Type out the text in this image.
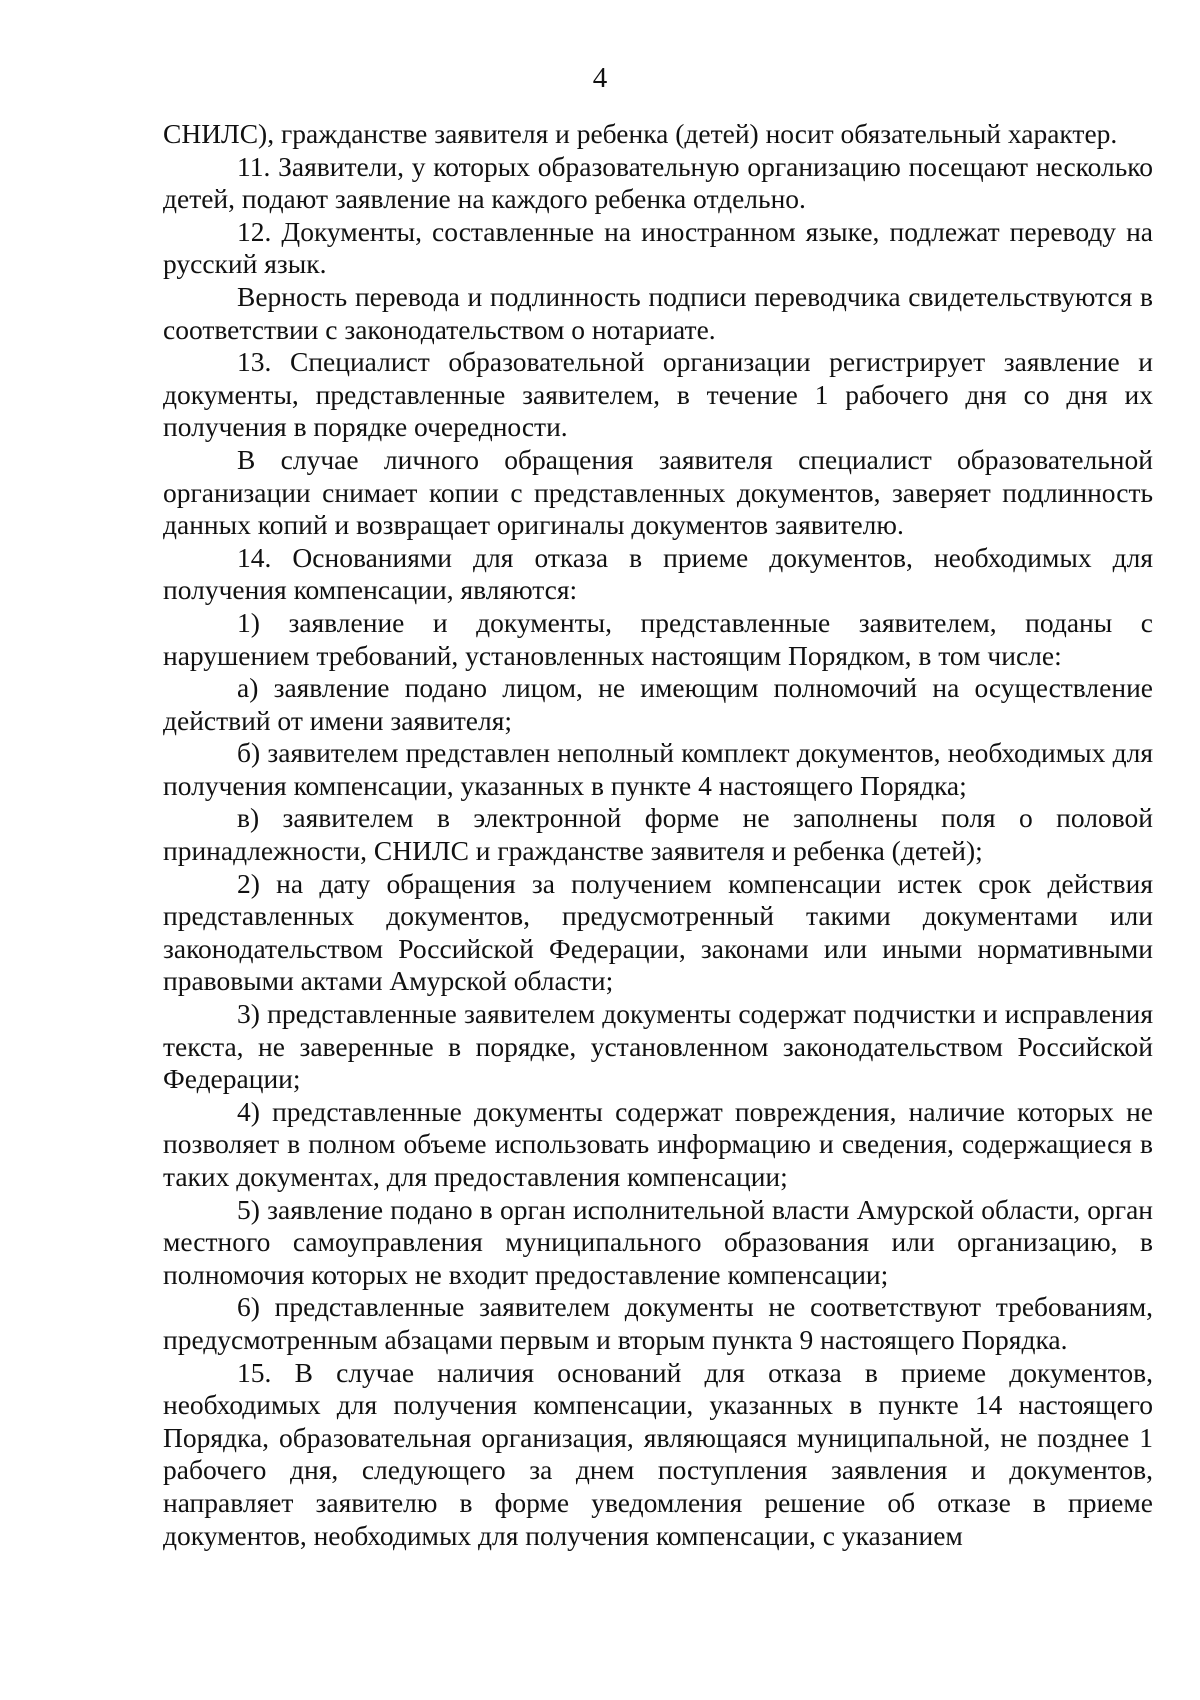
4

СНИЛС), гражданстве заявителя и ребенка (детей) носит обязательный характер.

11. Заявители, у которых образовательную организацию посещают несколько детей, подают заявление на каждого ребенка отдельно.

12. Документы, составленные на иностранном языке, подлежат переводу на русский язык.

Верность перевода и подлинность подписи переводчика свидетельствуются в соответствии с законодательством о нотариате.

13. Специалист образовательной организации регистрирует заявление и документы, представленные заявителем, в течение 1 рабочего дня со дня их получения в порядке очередности.

В случае личного обращения заявителя специалист образовательной организации снимает копии с представленных документов, заверяет подлинность данных копий и возвращает оригиналы документов заявителю.

14. Основаниями для отказа в приеме документов, необходимых для получения компенсации, являются:

1) заявление и документы, представленные заявителем, поданы с нарушением требований, установленных настоящим Порядком, в том числе:

а) заявление подано лицом, не имеющим полномочий на осуществление действий от имени заявителя;

б) заявителем представлен неполный комплект документов, необходимых для получения компенсации, указанных в пункте 4 настоящего Порядка;

в) заявителем в электронной форме не заполнены поля о половой принадлежности, СНИЛС и гражданстве заявителя и ребенка (детей);

2) на дату обращения за получением компенсации истек срок действия представленных документов, предусмотренный такими документами или законодательством Российской Федерации, законами или иными нормативными правовыми актами Амурской области;

3) представленные заявителем документы содержат подчистки и исправления текста, не заверенные в порядке, установленном законодательством Российской Федерации;

4) представленные документы содержат повреждения, наличие которых не позволяет в полном объеме использовать информацию и сведения, содержащиеся в таких документах, для предоставления компенсации;

5) заявление подано в орган исполнительной власти Амурской области, орган местного самоуправления муниципального образования или организацию, в полномочия которых не входит предоставление компенсации;

6) представленные заявителем документы не соответствуют требованиям, предусмотренным абзацами первым и вторым пункта 9 настоящего Порядка.

15. В случае наличия оснований для отказа в приеме документов, необходимых для получения компенсации, указанных в пункте 14 настоящего Порядка, образовательная организация, являющаяся муниципальной, не позднее 1 рабочего дня, следующего за днем поступления заявления и документов, направляет заявителю в форме уведомления решение об отказе в приеме документов, необходимых для получения компенсации, с указанием
